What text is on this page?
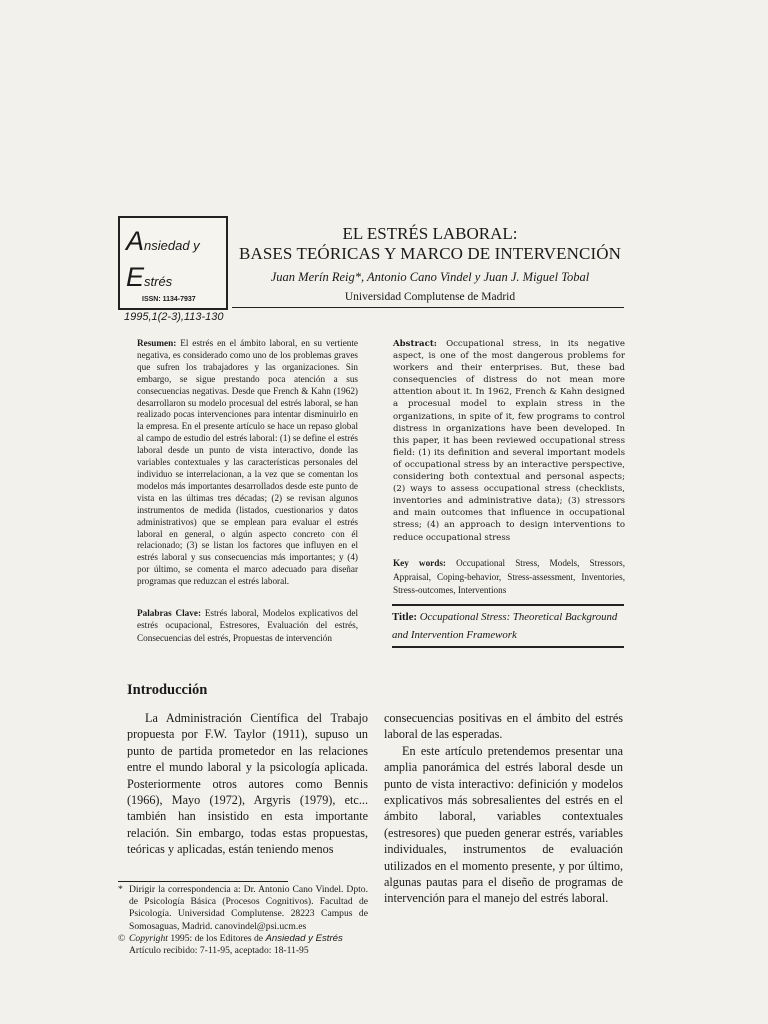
Ansiedad y
Estrés
ISSN: 1134-7937
EL ESTRÉS LABORAL:
BASES TEÓRICAS Y MARCO DE INTERVENCIÓN
Juan Merín Reig*, Antonio Cano Vindel y Juan J. Miguel Tobal
Universidad Complutense de Madrid
1995,1(2-3),113-130
Resumen: El estrés en el ámbito laboral, en su vertiente negativa, es considerado como uno de los problemas graves que sufren los trabajadores y las organizaciones. Sin embargo, se sigue prestando poca atención a sus consecuencias negativas. Desde que French & Kahn (1962) desarrollaron su modelo procesual del estrés laboral, se han realizado pocas intervenciones para intentar disminuirlo en la empresa. En el presente artículo se hace un repaso global al campo de estudio del estrés laboral: (1) se define el estrés laboral desde un punto de vista interactivo, donde las variables contextuales y las características personales del individuo se interrelacionan, a la vez que se comentan los modelos más importantes desarrollados desde este punto de vista en las últimas tres décadas; (2) se revisan algunos instrumentos de medida (listados, cuestionarios y datos administrativos) que se emplean para evaluar el estrés laboral en general, o algún aspecto concreto con él relacionado; (3) se listan los factores que influyen en el estrés laboral y sus consecuencias más importantes; y (4) por último, se comenta el marco adecuado para diseñar programas que reduzcan el estrés laboral.
Palabras Clave: Estrés laboral, Modelos explicativos del estrés ocupacional, Estresores, Evaluación del estrés, Consecuencias del estrés, Propuestas de intervención
Abstract: Occupational stress, in its negative aspect, is one of the most dangerous problems for workers and their enterprises. But, these bad consequencies of distress do not mean more attention about it. In 1962, French & Kahn designed a procesual model to explain stress in the organizations, in spite of it, few programs to control distress in organizations have been developed. In this paper, it has been reviewed occupational stress field: (1) its definition and several important models of occupational stress by an interactive perspective, considering both contextual and personal aspects; (2) ways to assess occupational stress (checklists, inventories and administrative data); (3) stressors and main outcomes that influence in occupational stress; (4) an approach to design interventions to reduce occupational stress
Key words: Occupational Stress, Models, Stressors, Appraisal, Coping-behavior, Stress-assessment, Inventories, Stress-outcomes, Interventions
Title: Occupational Stress: Theoretical Background and Intervention Framework
Introducción

La Administración Científica del Trabajo propuesta por F.W. Taylor (1911), supuso un punto de partida prometedor en las relaciones entre el mundo laboral y la psicología aplicada. Posteriormente otros autores como Bennis (1966), Mayo (1972), Argyris (1979), etc... también han insistido en esta importante relación. Sin embargo, todas estas propuestas, teóricas y aplicadas, están teniendo menos

consecuencias positivas en el ámbito del estrés laboral de las esperadas.

En este artículo pretendemos presentar una amplia panorámica del estrés laboral desde un punto de vista interactivo: definición y modelos explicativos más sobresalientes del estrés en el ámbito laboral, variables contextuales (estresores) que pueden generar estrés, variables individuales, instrumentos de evaluación utilizados en el momento presente, y por último, algunas pautas para el diseño de programas de intervención para el manejo del estrés laboral.

* Dirigir la correspondencia a: Dr. Antonio Cano Vindel. Dpto. de Psicología Básica (Procesos Cognitivos). Facultad de Psicología. Universidad Complutense. 28223 Campus de Somosaguas, Madrid. canovindel@psi.ucm.es
© Copyright 1995: de los Editores de Ansiedad y Estrés
Artículo recibido: 7-11-95, aceptado: 18-11-95
